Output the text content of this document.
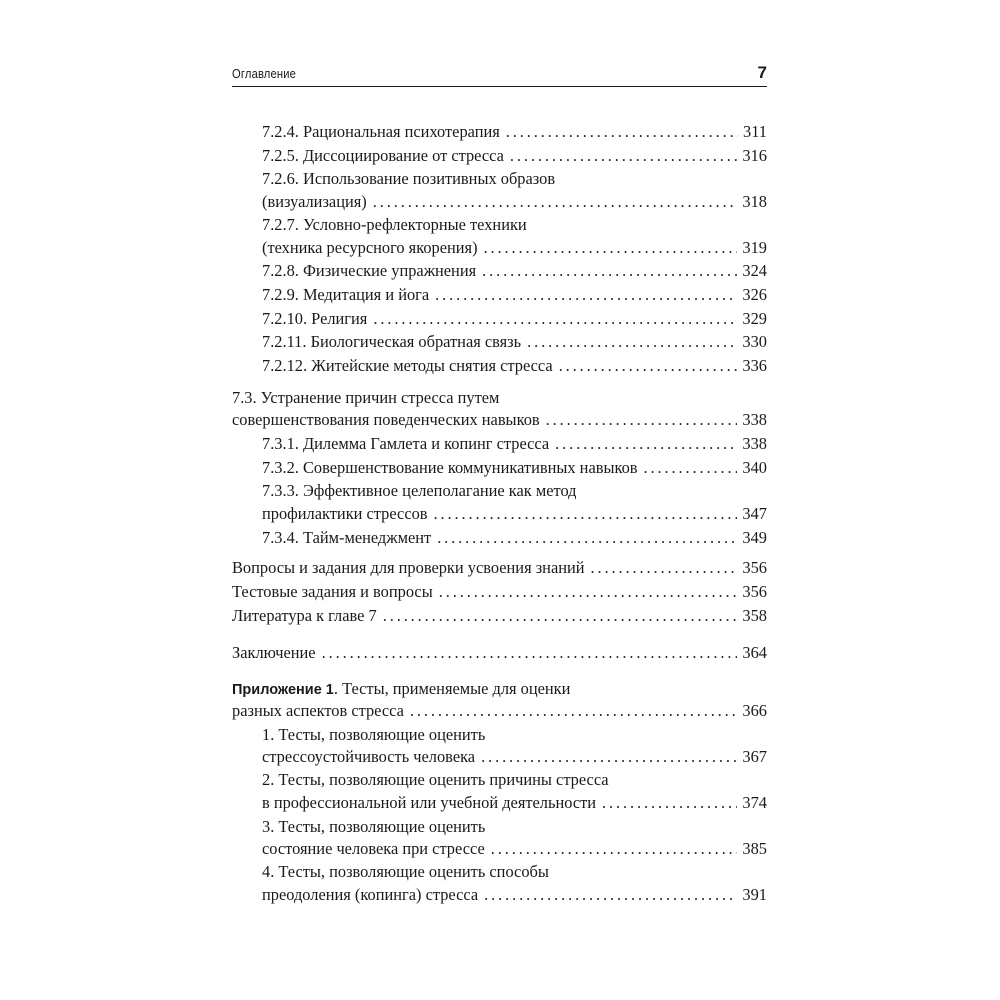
Оглавление	7
7.2.4. Рациональная психотерапия . . .	311
7.2.5. Диссоциирование от стресса . . .	316
7.2.6. Использование позитивных образов
(визуализация) . . .	318
7.2.7. Условно-рефлекторные техники
(техника ресурсного якорения) . . .	319
7.2.8. Физические упражнения . . .	324
7.2.9. Медитация и йога . . .	326
7.2.10. Религия . . .	329
7.2.11. Биологическая обратная связь . . .	330
7.2.12. Житейские методы снятия стресса . . .	336
7.3. Устранение причин стресса путем
совершенствования поведенческих навыков . . .	338
7.3.1. Дилемма Гамлета и копинг стресса . . .	338
7.3.2. Совершенствование коммуникативных навыков . . .	340
7.3.3. Эффективное целеполагание как метод
профилактики стрессов . . .	347
7.3.4. Тайм-менеджмент . . .	349
Вопросы и задания для проверки усвоения знаний . . .	356
Тестовые задания и вопросы . . .	356
Литература к главе 7 . . .	358
Заключение . . .	364
Приложение 1. Тесты, применяемые для оценки
разных аспектов стресса . . .	366
1. Тесты, позволяющие оценить
стрессоустойчивость человека . . .	367
2. Тесты, позволяющие оценить причины стресса
в профессиональной или учебной деятельности . . .	374
3. Тесты, позволяющие оценить
состояние человека при стрессе . . .	385
4. Тесты, позволяющие оценить способы
преодоления (копинга) стресса . . .	391
